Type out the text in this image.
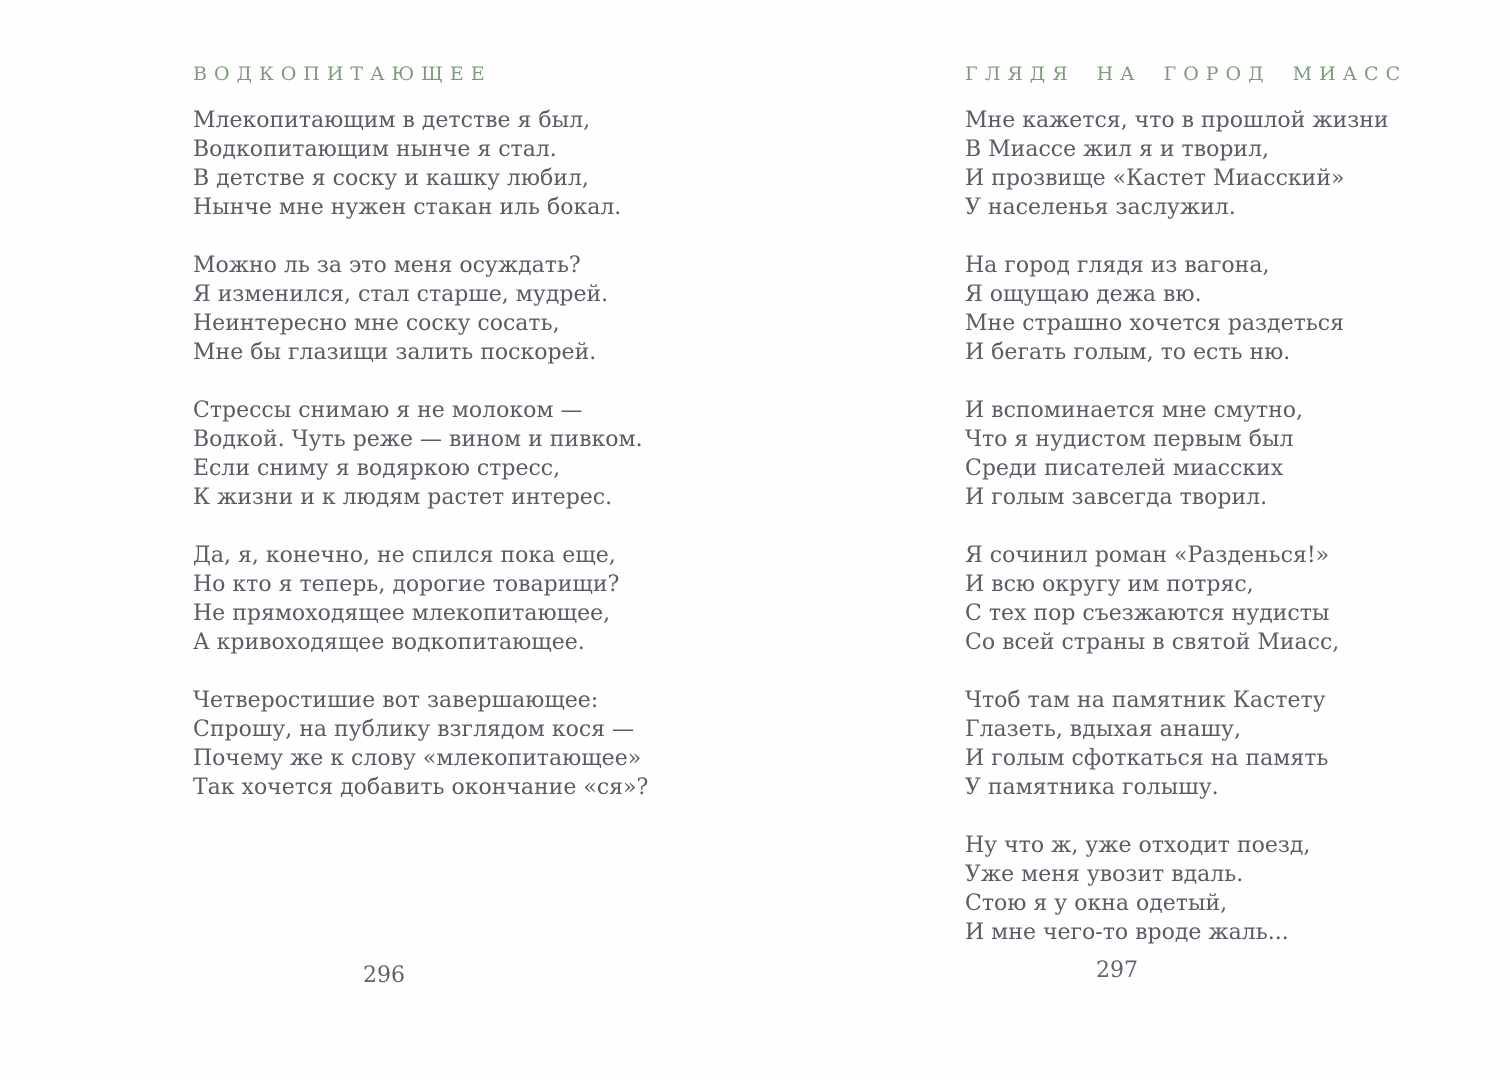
ВОДКОПИТАЮЩЕЕ
Млекопитающим в детстве я был,
Водкопитающим нынче я стал.
В детстве я соску и кашку любил,
Нынче мне нужен стакан иль бокал.
Можно ль за это меня осуждать?
Я изменился, стал старше, мудрей.
Неинтересно мне соску сосать,
Мне бы глазищи залить поскорей.
Стрессы снимаю я не молоком —
Водкой. Чуть реже — вином и пивком.
Если сниму я водяркою стресс,
К жизни и к людям растет интерес.
Да, я, конечно, не спился пока еще,
Но кто я теперь, дорогие товарищи?
Не прямоходящее млекопитающее,
А кривоходящее водкопитающее.
Четверостишие вот завершающее:
Спрошу, на публику взглядом кося —
Почему же к слову «млекопитающее»
Так хочется добавить окончание «ся»?
ГЛЯДЯ НА ГОРОД МИАСС
Мне кажется, что в прошлой жизни
В Миассе жил я и творил,
И прозвище «Кастет Миасский»
У населенья заслужил.
На город глядя из вагона,
Я ощущаю дежа вю.
Мне страшно хочется раздеться
И бегать голым, то есть ню.
И вспоминается мне смутно,
Что я нудистом первым был
Среди писателей миасских
И голым завсегда творил.
Я сочинил роман «Разденься!»
И всю округу им потряс,
С тех пор съезжаются нудисты
Со всей страны в святой Миасс,
Чтоб там на памятник Кастету
Глазеть, вдыхая анашу,
И голым сфоткаться на память
У памятника голышу.
Ну что ж, уже отходит поезд,
Уже меня увозит вдаль.
Стою я у окна одетый,
И мне чего-то вроде жаль...
296	297
